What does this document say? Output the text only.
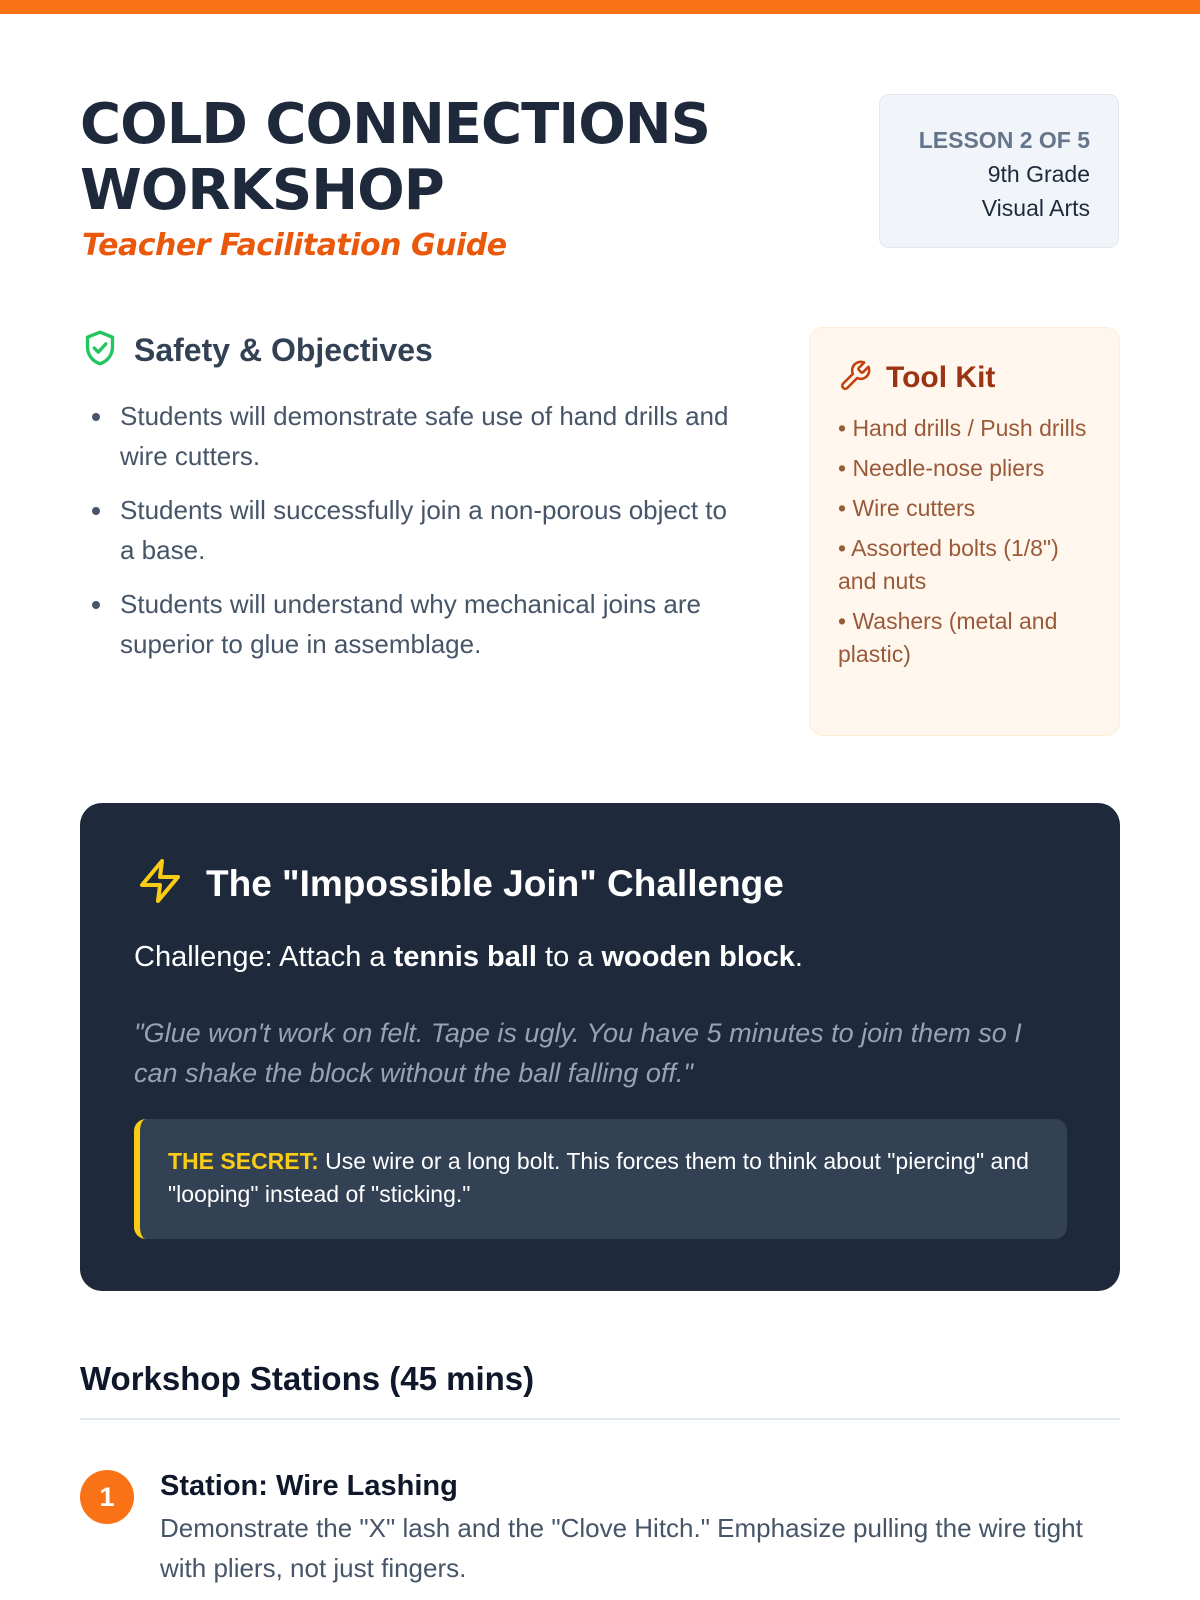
COLD CONNECTIONS
WORKSHOP
Teacher Facilitation Guide
LESSON 2 OF 5
9th Grade
Visual Arts
Safety & Objectives
Students will demonstrate safe use of hand drills and wire cutters.
Students will successfully join a non-porous object to a base.
Students will understand why mechanical joins are superior to glue in assemblage.
Tool Kit
• Hand drills / Push drills
• Needle-nose pliers
• Wire cutters
• Assorted bolts (1/8") and nuts
• Washers (metal and plastic)
The "Impossible Join" Challenge
Challenge: Attach a tennis ball to a wooden block.
"Glue won't work on felt. Tape is ugly. You have 5 minutes to join them so I can shake the block without the ball falling off."
THE SECRET: Use wire or a long bolt. This forces them to think about "piercing" and "looping" instead of "sticking."
Workshop Stations (45 mins)
1	Station: Wire Lashing
Demonstrate the "X" lash and the "Clove Hitch." Emphasize pulling the wire tight with pliers, not just fingers.
